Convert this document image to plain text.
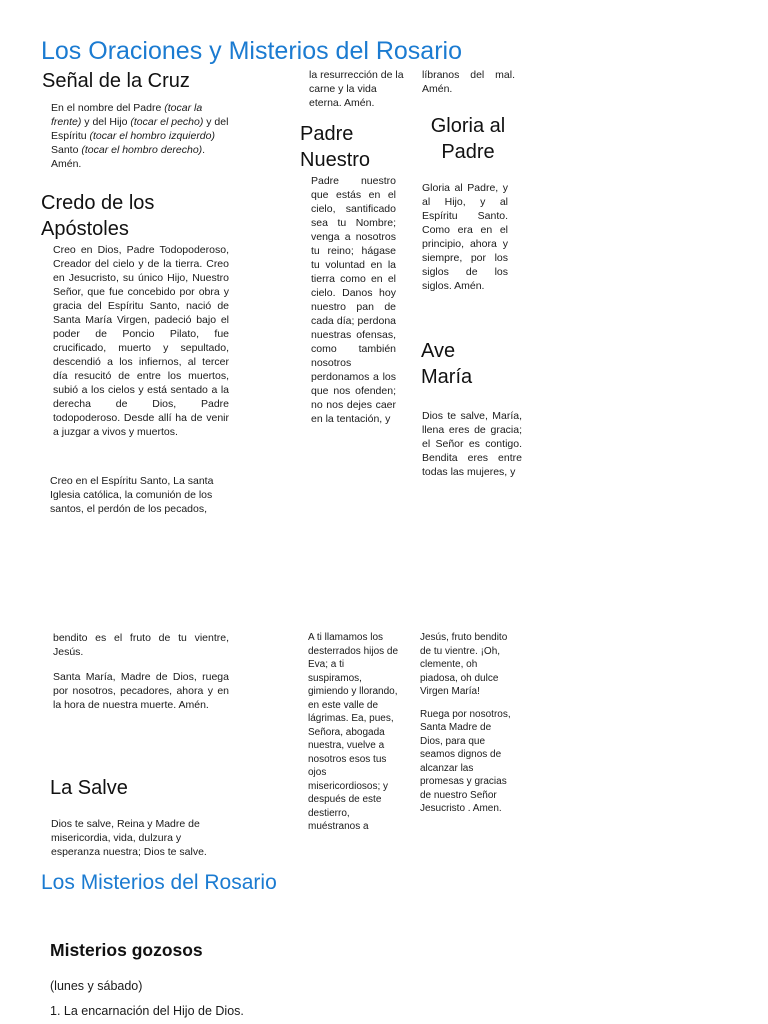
Los Oraciones y Misterios del Rosario
Señal de la Cruz
En el nombre del Padre (tocar la frente) y del Hijo (tocar el pecho) y del Espíritu (tocar el hombro izquierdo) Santo (tocar el hombro derecho). Amén.
Credo de los Apóstoles
Creo en Dios, Padre Todopoderoso, Creador del cielo y de la tierra. Creo en Jesucristo, su único Hijo, Nuestro Señor, que fue concebido por obra y gracia del Espíritu Santo, nació de Santa María Virgen, padeció bajo el poder de Poncio Pilato, fue crucificado, muerto y sepultado, descendió a los infiernos, al tercer día resucitó de entre los muertos, subió a los cielos y está sentado a la derecha de Dios, Padre todopoderoso. Desde allí ha de venir a juzgar a vivos y muertos.
Creo en el Espíritu Santo, La santa Iglesia católica, la comunión de los santos, el perdón de los pecados,
la resurrección de la carne y la vida eterna. Amén.
Padre Nuestro
Padre nuestro que estás en el cielo, santificado sea tu Nombre; venga a nosotros tu reino; hágase tu voluntad en la tierra como en el cielo. Danos hoy nuestro pan de cada día; perdona nuestras ofensas, como también nosotros perdonamos a los que nos ofenden; no nos dejes caer en la tentación, y
líbranos del mal. Amén.
Gloria al Padre
Gloria al Padre, y al Hijo, y al Espíritu Santo. Como era en el principio, ahora y siempre, por los siglos de los siglos. Amén.
Ave María
Dios te salve, María, llena eres de gracia; el Señor es contigo. Bendita eres entre todas las mujeres, y

bendito es el fruto de tu vientre, Jesús.

Santa María, Madre de Dios, ruega por nosotros, pecadores, ahora y en la hora de nuestra muerte. Amén.

La Salve
Dios te salve, Reina y Madre de misericordia, vida, dulzura y esperanza nuestra; Dios te salve.
A ti llamamos los desterrados hijos de Eva; a ti suspiramos, gimiendo y llorando, en este valle de lágrimas. Ea, pues, Señora, abogada nuestra, vuelve a nosotros esos tus ojos misericordiosos; y después de este destierro, muéstranos a

Jesús, fruto bendito de tu vientre. ¡Oh, clemente, oh piadosa, oh dulce Virgen María!

Ruega por nosotros, Santa Madre de Dios, para que seamos dignos de alcanzar las promesas y gracias de nuestro Señor Jesucristo . Amen.

Los Misterios del Rosario
Misterios gozosos
(lunes y sábado)
1. La encarnación del Hijo de Dios.
